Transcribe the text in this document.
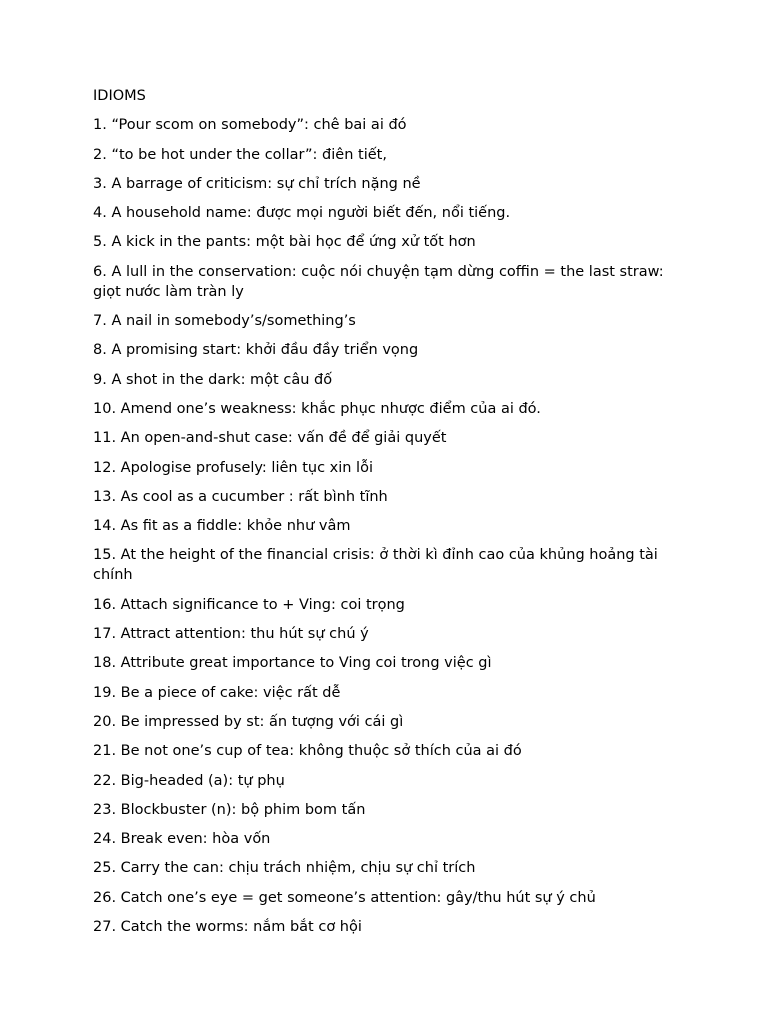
IDIOMS
1. “Pour scom on somebody”: chê bai ai đó
2. “to be hot under the collar”: điên tiết,
3. A barrage of criticism: sự chỉ trích nặng nề
4. A household name: được mọi người biết đến, nổi tiếng.
5. A kick in the pants: một bài học để ứng xử tốt hơn
6. A lull in the conservation: cuộc nói chuyện tạm dừng coffin = the last straw: giọt nước làm tràn ly
7. A nail in somebody’s/something’s
8. A promising start: khởi đầu đầy triển vọng
9. A shot in the dark: một câu đố
10. Amend one’s weakness: khắc phục nhược điểm của ai đó.
11. An open-and-shut case: vấn đề để giải quyết
12. Apologise profusely: liên tục xin lỗi
13. As cool as a cucumber : rất bình tĩnh
14. As fit as a fiddle: khỏe như vâm
15. At the height of the financial crisis: ở thời kì đỉnh cao của khủng hoảng tài chính
16. Attach significance to + Ving: coi trọng
17. Attract attention: thu hút sự chú ý
18. Attribute great importance to Ving coi trong việc gì
19. Be a piece of cake: việc rất dễ
20. Be impressed by st: ấn tượng với cái gì
21. Be not one’s cup of tea: không thuộc sở thích của ai đó
22. Big-headed (a): tự phụ
23. Blockbuster (n): bộ phim bom tấn
24. Break even: hòa vốn
25. Carry the can: chịu trách nhiệm, chịu sự chỉ trích
26. Catch one’s eye = get someone’s attention: gây/thu hút sự ý chủ
27. Catch the worms: nắm bắt cơ hội
